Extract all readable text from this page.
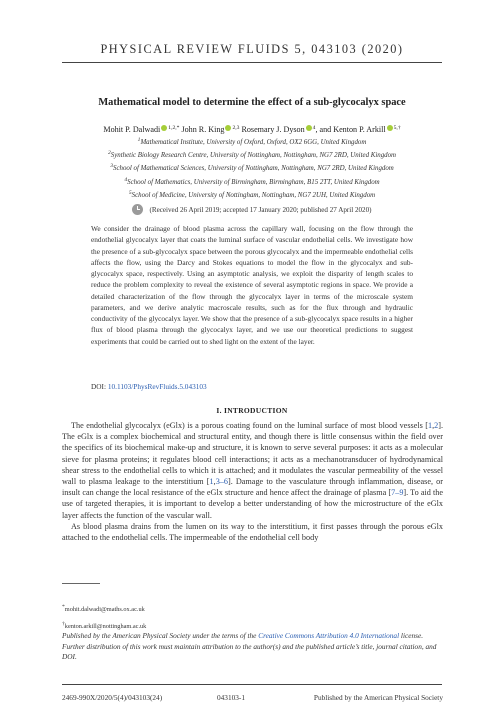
PHYSICAL REVIEW FLUIDS 5, 043103 (2020)
Mathematical model to determine the effect of a sub-glycocalyx space
Mohit P. Dalwadi $^{1,2,*}$ John R. King $^{2,3}$ Rosemary J. Dyson $^4$, and Kenton P. Arkill $^{5,\dagger}$
$^1$Mathematical Institute, University of Oxford, Oxford, OX2 6GG, United Kingdom
$^2$Synthetic Biology Research Centre, University of Nottingham, Nottingham, NG7 2RD, United Kingdom
$^3$School of Mathematical Sciences, University of Nottingham, Nottingham, NG7 2RD, United Kingdom
$^4$School of Mathematics, University of Birmingham, Birmingham, B15 2TT, United Kingdom
$^5$School of Medicine, University of Nottingham, Nottingham, NG7 2UH, United Kingdom
(Received 26 April 2019; accepted 17 January 2020; published 27 April 2020)

We consider the drainage of blood plasma across the capillary wall, focusing on the flow through the endothelial glycocalyx layer that coats the luminal surface of vascular endothelial cells. We investigate how the presence of a sub-glycocalyx space between the porous glycocalyx and the impermeable endothelial cells affects the flow, using the Darcy and Stokes equations to model the flow in the glycocalyx and sub-glycocalyx space, respectively. Using an asymptotic analysis, we exploit the disparity of length scales to reduce the problem complexity to reveal the existence of several asymptotic regions in space. We provide a detailed characterization of the flow through the glycocalyx layer in terms of the microscale system parameters, and we derive analytic macroscale results, such as for the flux through and hydraulic conductivity of the glycocalyx layer. We show that the presence of a sub-glycocalyx space results in a higher flux of blood plasma through the glycocalyx layer, and we use our theoretical predictions to suggest experiments that could be carried out to shed light on the extent of the layer.

DOI: 10.1103/PhysRevFluids.5.043103
I. INTRODUCTION

The endothelial glycocalyx (eGlx) is a porous coating found on the luminal surface of most blood vessels [1,2]. The eGlx is a complex biochemical and structural entity, and though there is little consensus within the field over the specifics of its biochemical make-up and structure, it is known to serve several purposes: it acts as a molecular sieve for plasma proteins; it regulates blood cell interactions; it acts as a mechanotransducer of hydrodynamical shear stress to the endothelial cells to which it is attached; and it modulates the vascular permeability of the vessel wall to plasma leakage to the interstitium [1,3–6]. Damage to the vasculature through inflammation, disease, or insult can change the local resistance of the eGlx structure and hence affect the drainage of plasma [7–9]. To aid the use of targeted therapies, it is important to develop a better understanding of how the microstructure of the eGlx layer affects the function of the vascular wall.

As blood plasma drains from the lumen on its way to the interstitium, it first passes through the porous eGlx attached to the endothelial cells. The impermeable of the endothelial cell body

*mohit.dalwadi@maths.ox.ac.uk
†kenton.arkill@nottingham.ac.uk
Published by the American Physical Society under the terms of the Creative Commons Attribution 4.0 International license. Further distribution of this work must maintain attribution to the author(s) and the published article’s title, journal citation, and DOI.
2469-990X/2020/5(4)/043103(24)	043103-1	Published by the American Physical Society
